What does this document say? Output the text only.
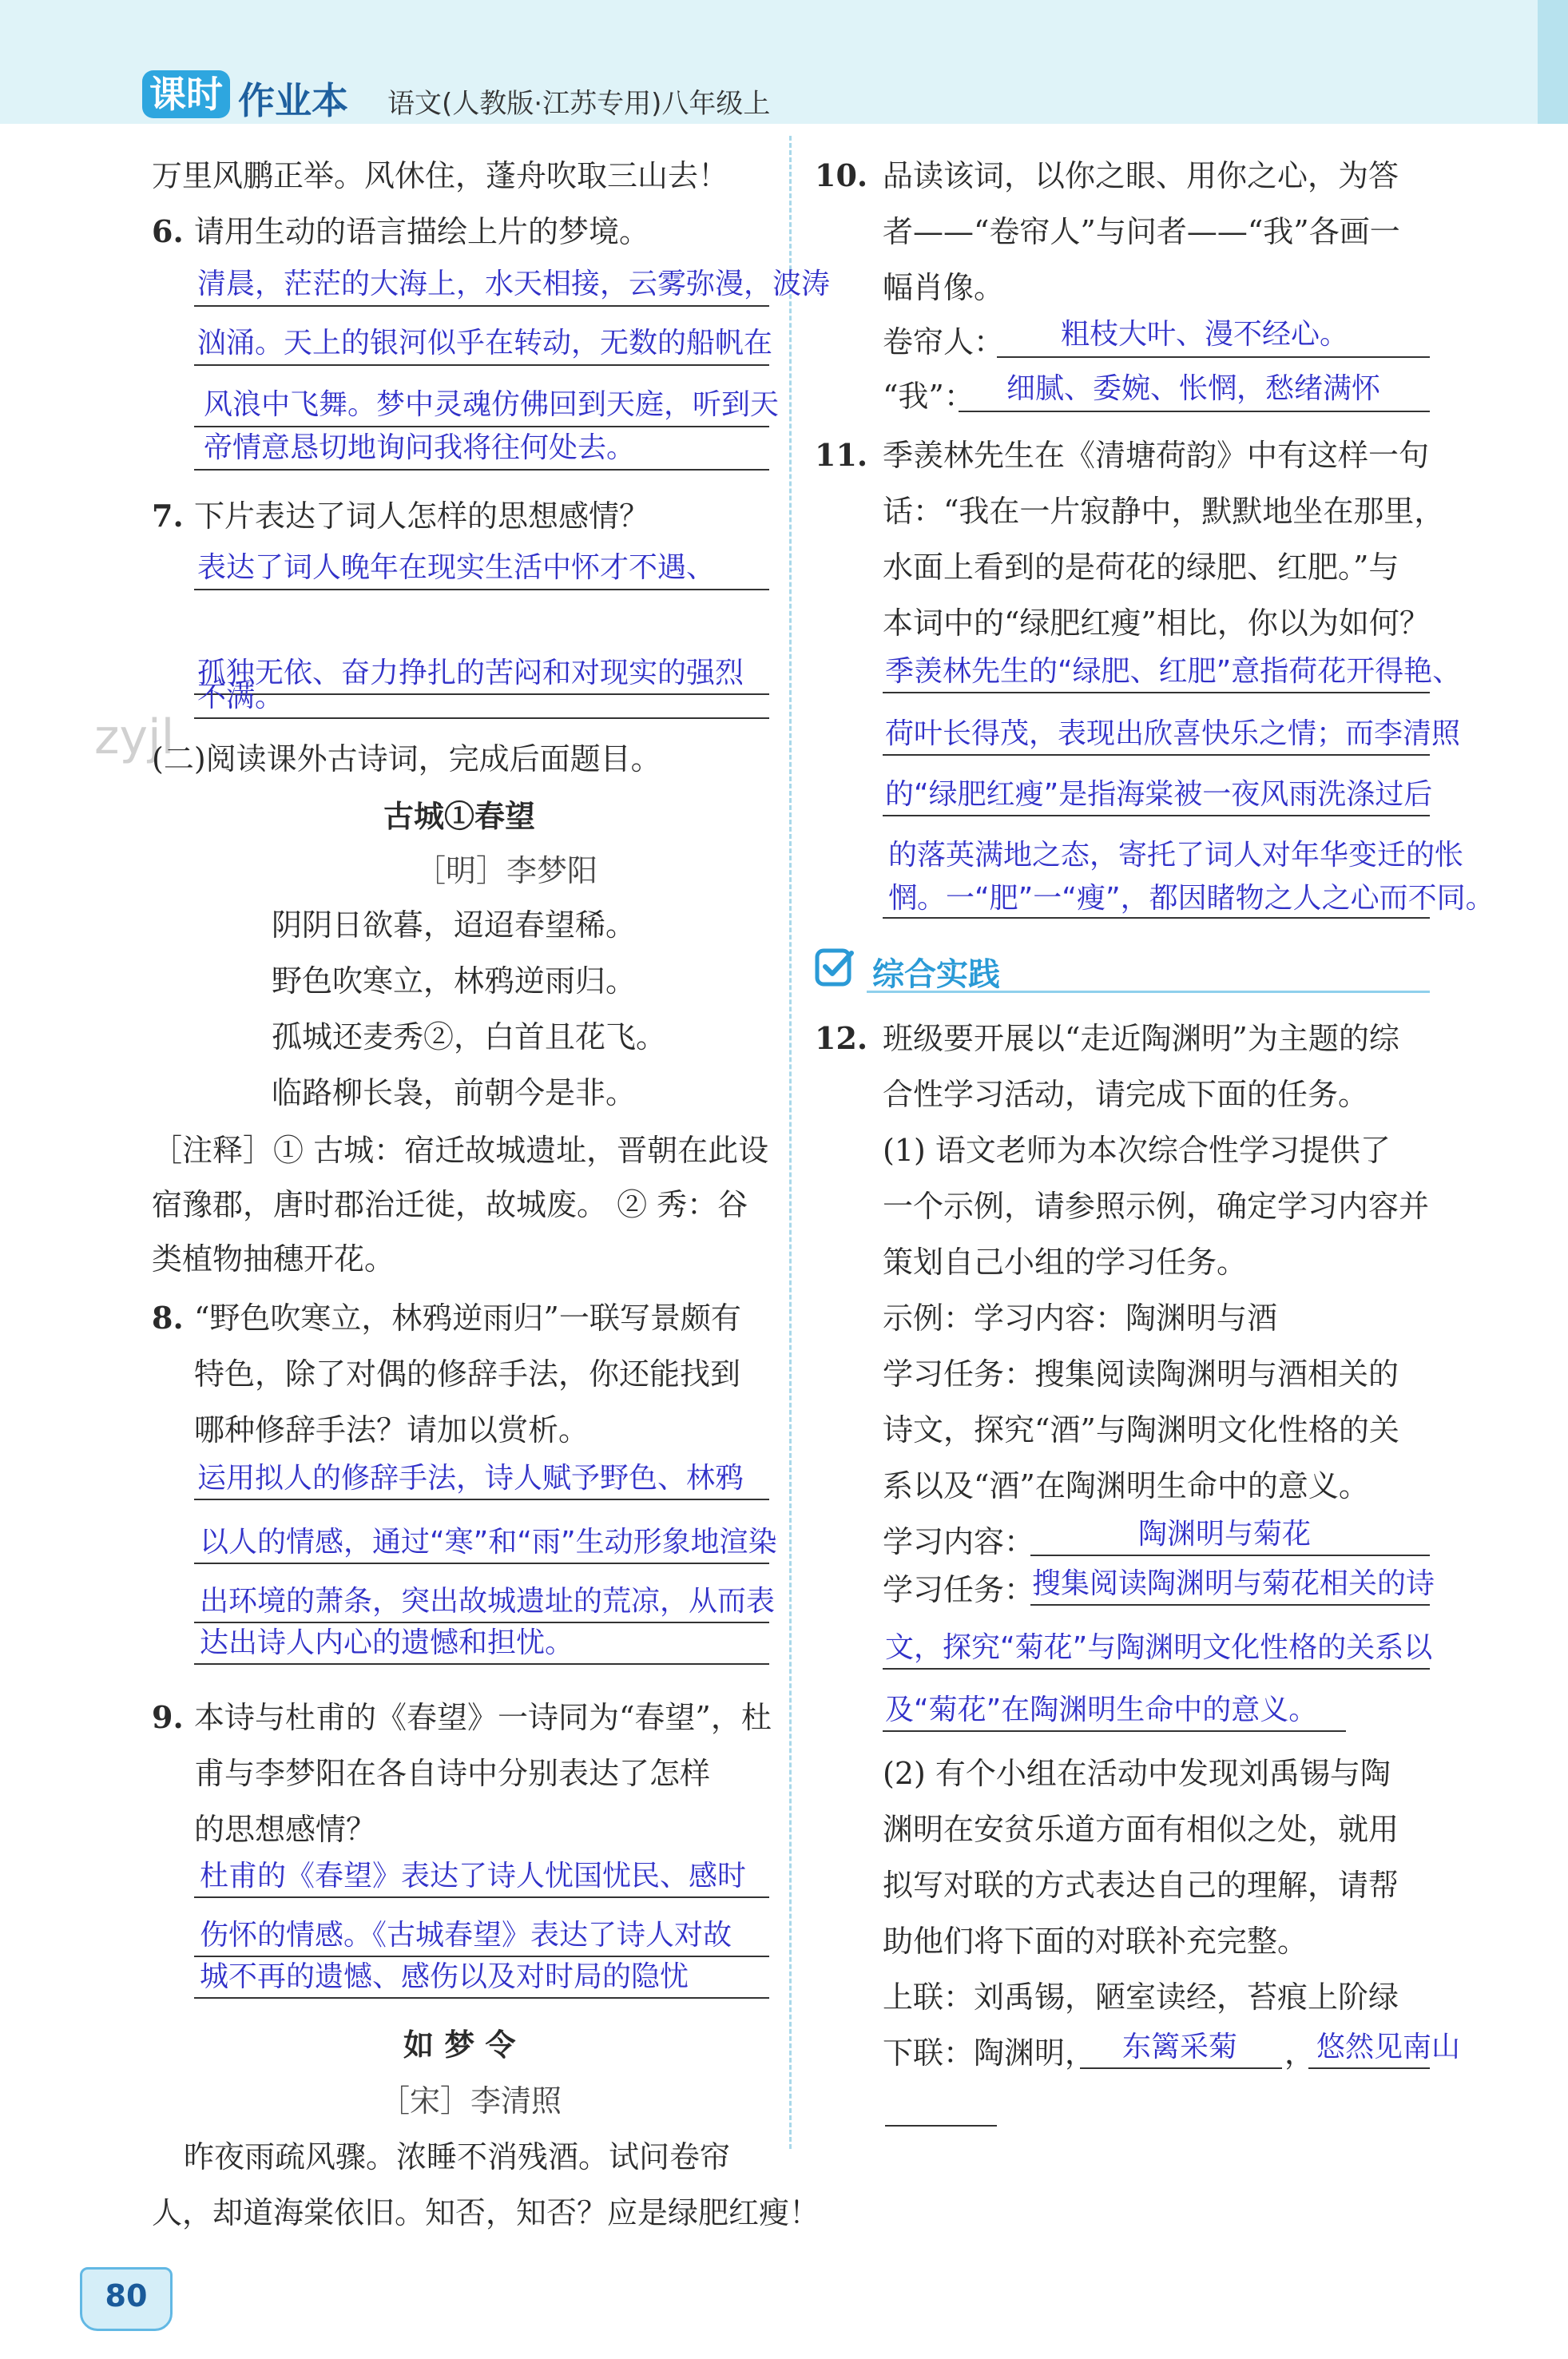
课时 作业本 语文(人教版·江苏专用)八年级上
zyjl
万里风鹏正举。风休住，蓬舟吹取三山去！
6. 请用生动的语言描绘上片的梦境。
清晨，茫茫的大海上，水天相接，云雾弥漫，波涛
汹涌。天上的银河似乎在转动，无数的船帆在
风浪中飞舞。梦中灵魂仿佛回到天庭，听到天
帝情意恳切地询问我将往何处去。
7. 下片表达了词人怎样的思想感情？
表达了词人晚年在现实生活中怀才不遇、
孤独无依、奋力挣扎的苦闷和对现实的强烈
不满。
(二)阅读课外古诗词，完成后面题目。
古城①春望
［明］李梦阳
阴阴日欲暮，迢迢春望稀。
野色吹寒立，林鸦逆雨归。
孤城还麦秀②，白首且花飞。
临路柳长袅，前朝今是非。
［注释］① 古城：宿迁故城遗址，晋朝在此设
宿豫郡，唐时郡治迁徙，故城废。 ② 秀：谷
类植物抽穗开花。
8. “野色吹寒立，林鸦逆雨归”一联写景颇有
特色，除了对偶的修辞手法，你还能找到
哪种修辞手法？请加以赏析。
运用拟人的修辞手法，诗人赋予野色、林鸦
以人的情感，通过“寒”和“雨”生动形象地渲染
出环境的萧条，突出故城遗址的荒凉，从而表
达出诗人内心的遗憾和担忧。
9. 本诗与杜甫的《春望》一诗同为“春望”，杜
甫与李梦阳在各自诗中分别表达了怎样
的思想感情？
杜甫的《春望》表达了诗人忧国忧民、感时
伤怀的情感。《古城春望》表达了诗人对故
城不再的遗憾、感伤以及对时局的隐忧
如 梦 令
［宋］李清照
昨夜雨疏风骤。浓睡不消残酒。试问卷帘
人，却道海棠依旧。知否，知否？应是绿肥红瘦！
80
10. 品读该词，以你之眼、用你之心，为答
者——“卷帘人”与问者——“我”各画一
幅肖像。
卷帘人： 粗枝大叶、漫不经心。
“我”： 细腻、委婉、怅惘，愁绪满怀
11. 季羡林先生在《清塘荷韵》中有这样一句
话：“我在一片寂静中，默默地坐在那里，
水面上看到的是荷花的绿肥、红肥。”与
本词中的“绿肥红瘦”相比，你以为如何？
季羡林先生的“绿肥、红肥”意指荷花开得艳、
荷叶长得茂，表现出欣喜快乐之情；而李清照
的“绿肥红瘦”是指海棠被一夜风雨洗涤过后
的落英满地之态，寄托了词人对年华变迁的怅
惘。一“肥”一“瘦”，都因睹物之人之心而不同。
综合实践
12. 班级要开展以“走近陶渊明”为主题的综
合性学习活动，请完成下面的任务。
(1) 语文老师为本次综合性学习提供了
一个示例，请参照示例，确定学习内容并
策划自己小组的学习任务。
示例：学习内容：陶渊明与酒
学习任务：搜集阅读陶渊明与酒相关的
诗文，探究“酒”与陶渊明文化性格的关
系以及“酒”在陶渊明生命中的意义。
学习内容：	陶渊明与菊花
学习任务：
搜集阅读陶渊明与菊花相关的诗
文，探究“菊花”与陶渊明文化性格的关系以
及“菊花”在陶渊明生命中的意义。
(2) 有个小组在活动中发现刘禹锡与陶
渊明在安贫乐道方面有相似之处，就用
拟写对联的方式表达自己的理解，请帮
助他们将下面的对联补充完整。
上联：刘禹锡，陋室读经，苔痕上阶绿
下联：陶渊明， 东篱采菊 ， 悠然见南山
